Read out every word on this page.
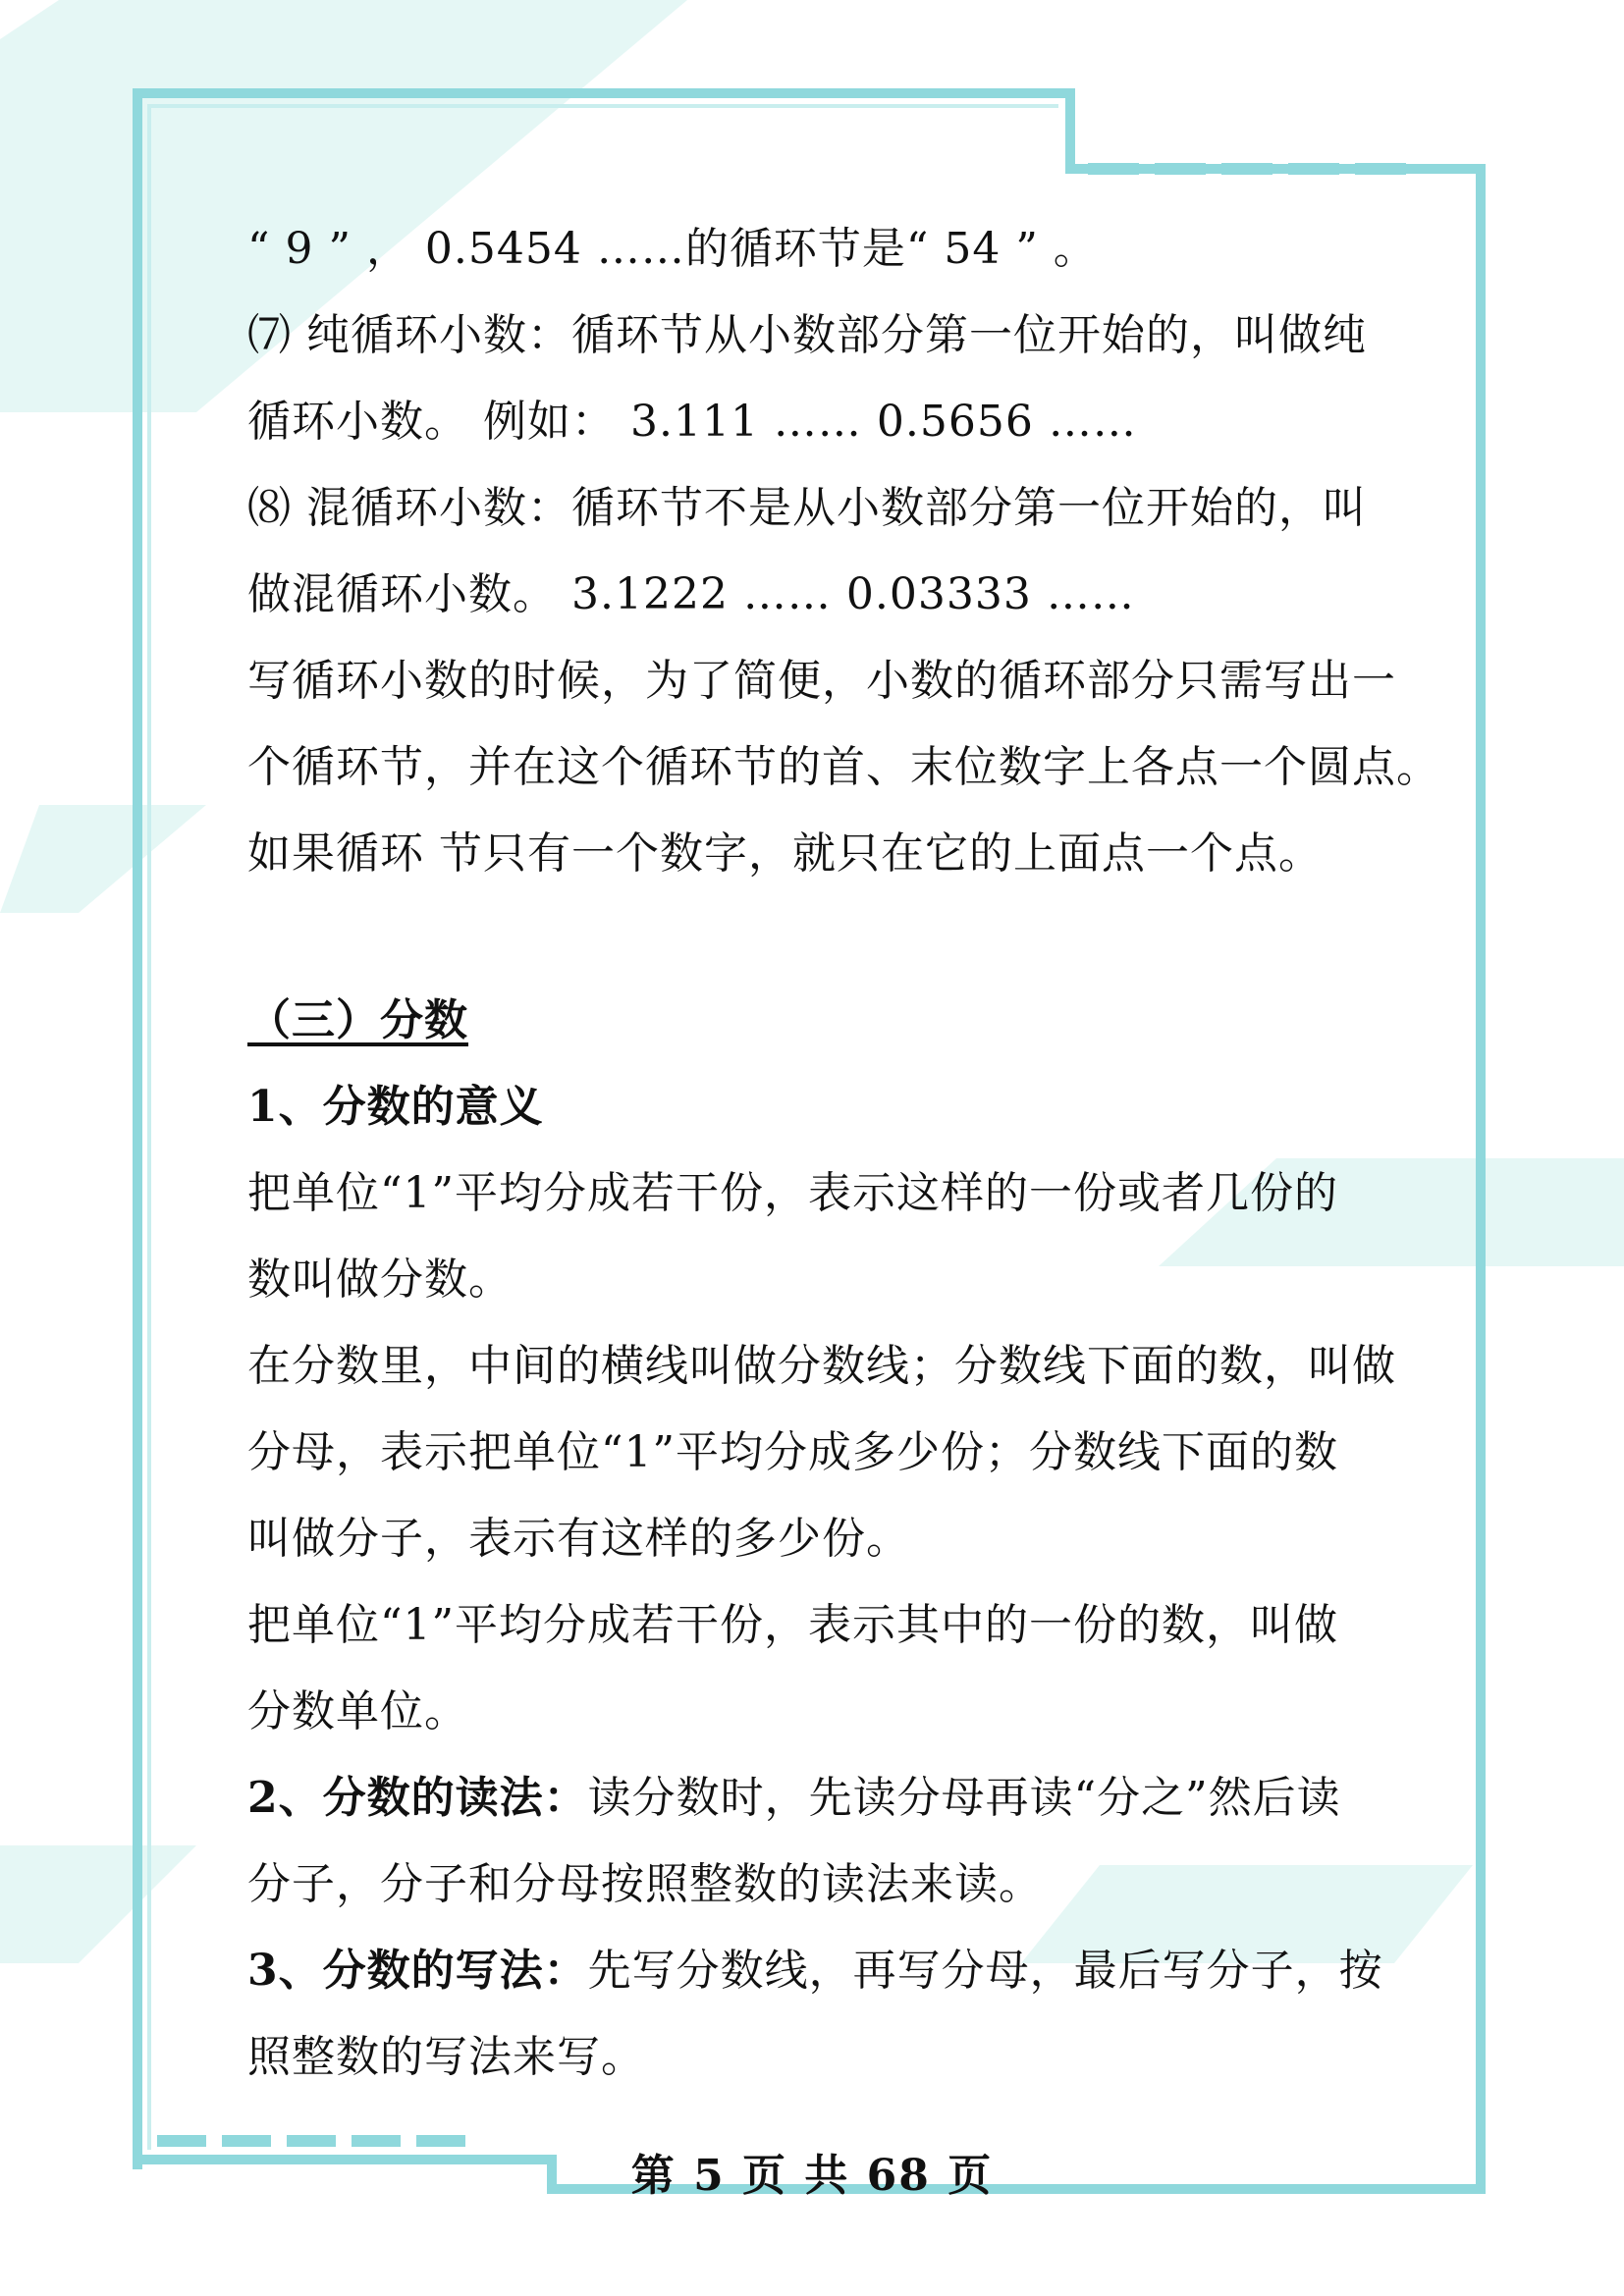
“ 9 ” ， 0.5454 ……的循环节是“ 54 ” 。
⑺ 纯循环小数：循环节从小数部分第一位开始的，叫做纯
循环小数。 例如： 3.111 …… 0.5656 ……
⑻ 混循环小数：循环节不是从小数部分第一位开始的，叫
做混循环小数。 3.1222 …… 0.03333 ……
写循环小数的时候，为了简便，小数的循环部分只需写出一
个循环节，并在这个循环节的首、末位数字上各点一个圆点。
如果循环 节只有一个数字，就只在它的上面点一个点。
（三）分数
1、分数的意义
把单位“1”平均分成若干份，表示这样的一份或者几份的
数叫做分数。
在分数里，中间的横线叫做分数线；分数线下面的数，叫做
分母，表示把单位“1”平均分成多少份；分数线下面的数
叫做分子，表示有这样的多少份。
把单位“1”平均分成若干份，表示其中的一份的数，叫做
分数单位。
2、分数的读法：读分数时，先读分母再读“分之”然后读
分子，分子和分母按照整数的读法来读。
3、分数的写法：先写分数线，再写分母，最后写分子，按
照整数的写法来写。
第 5 页 共 68 页
